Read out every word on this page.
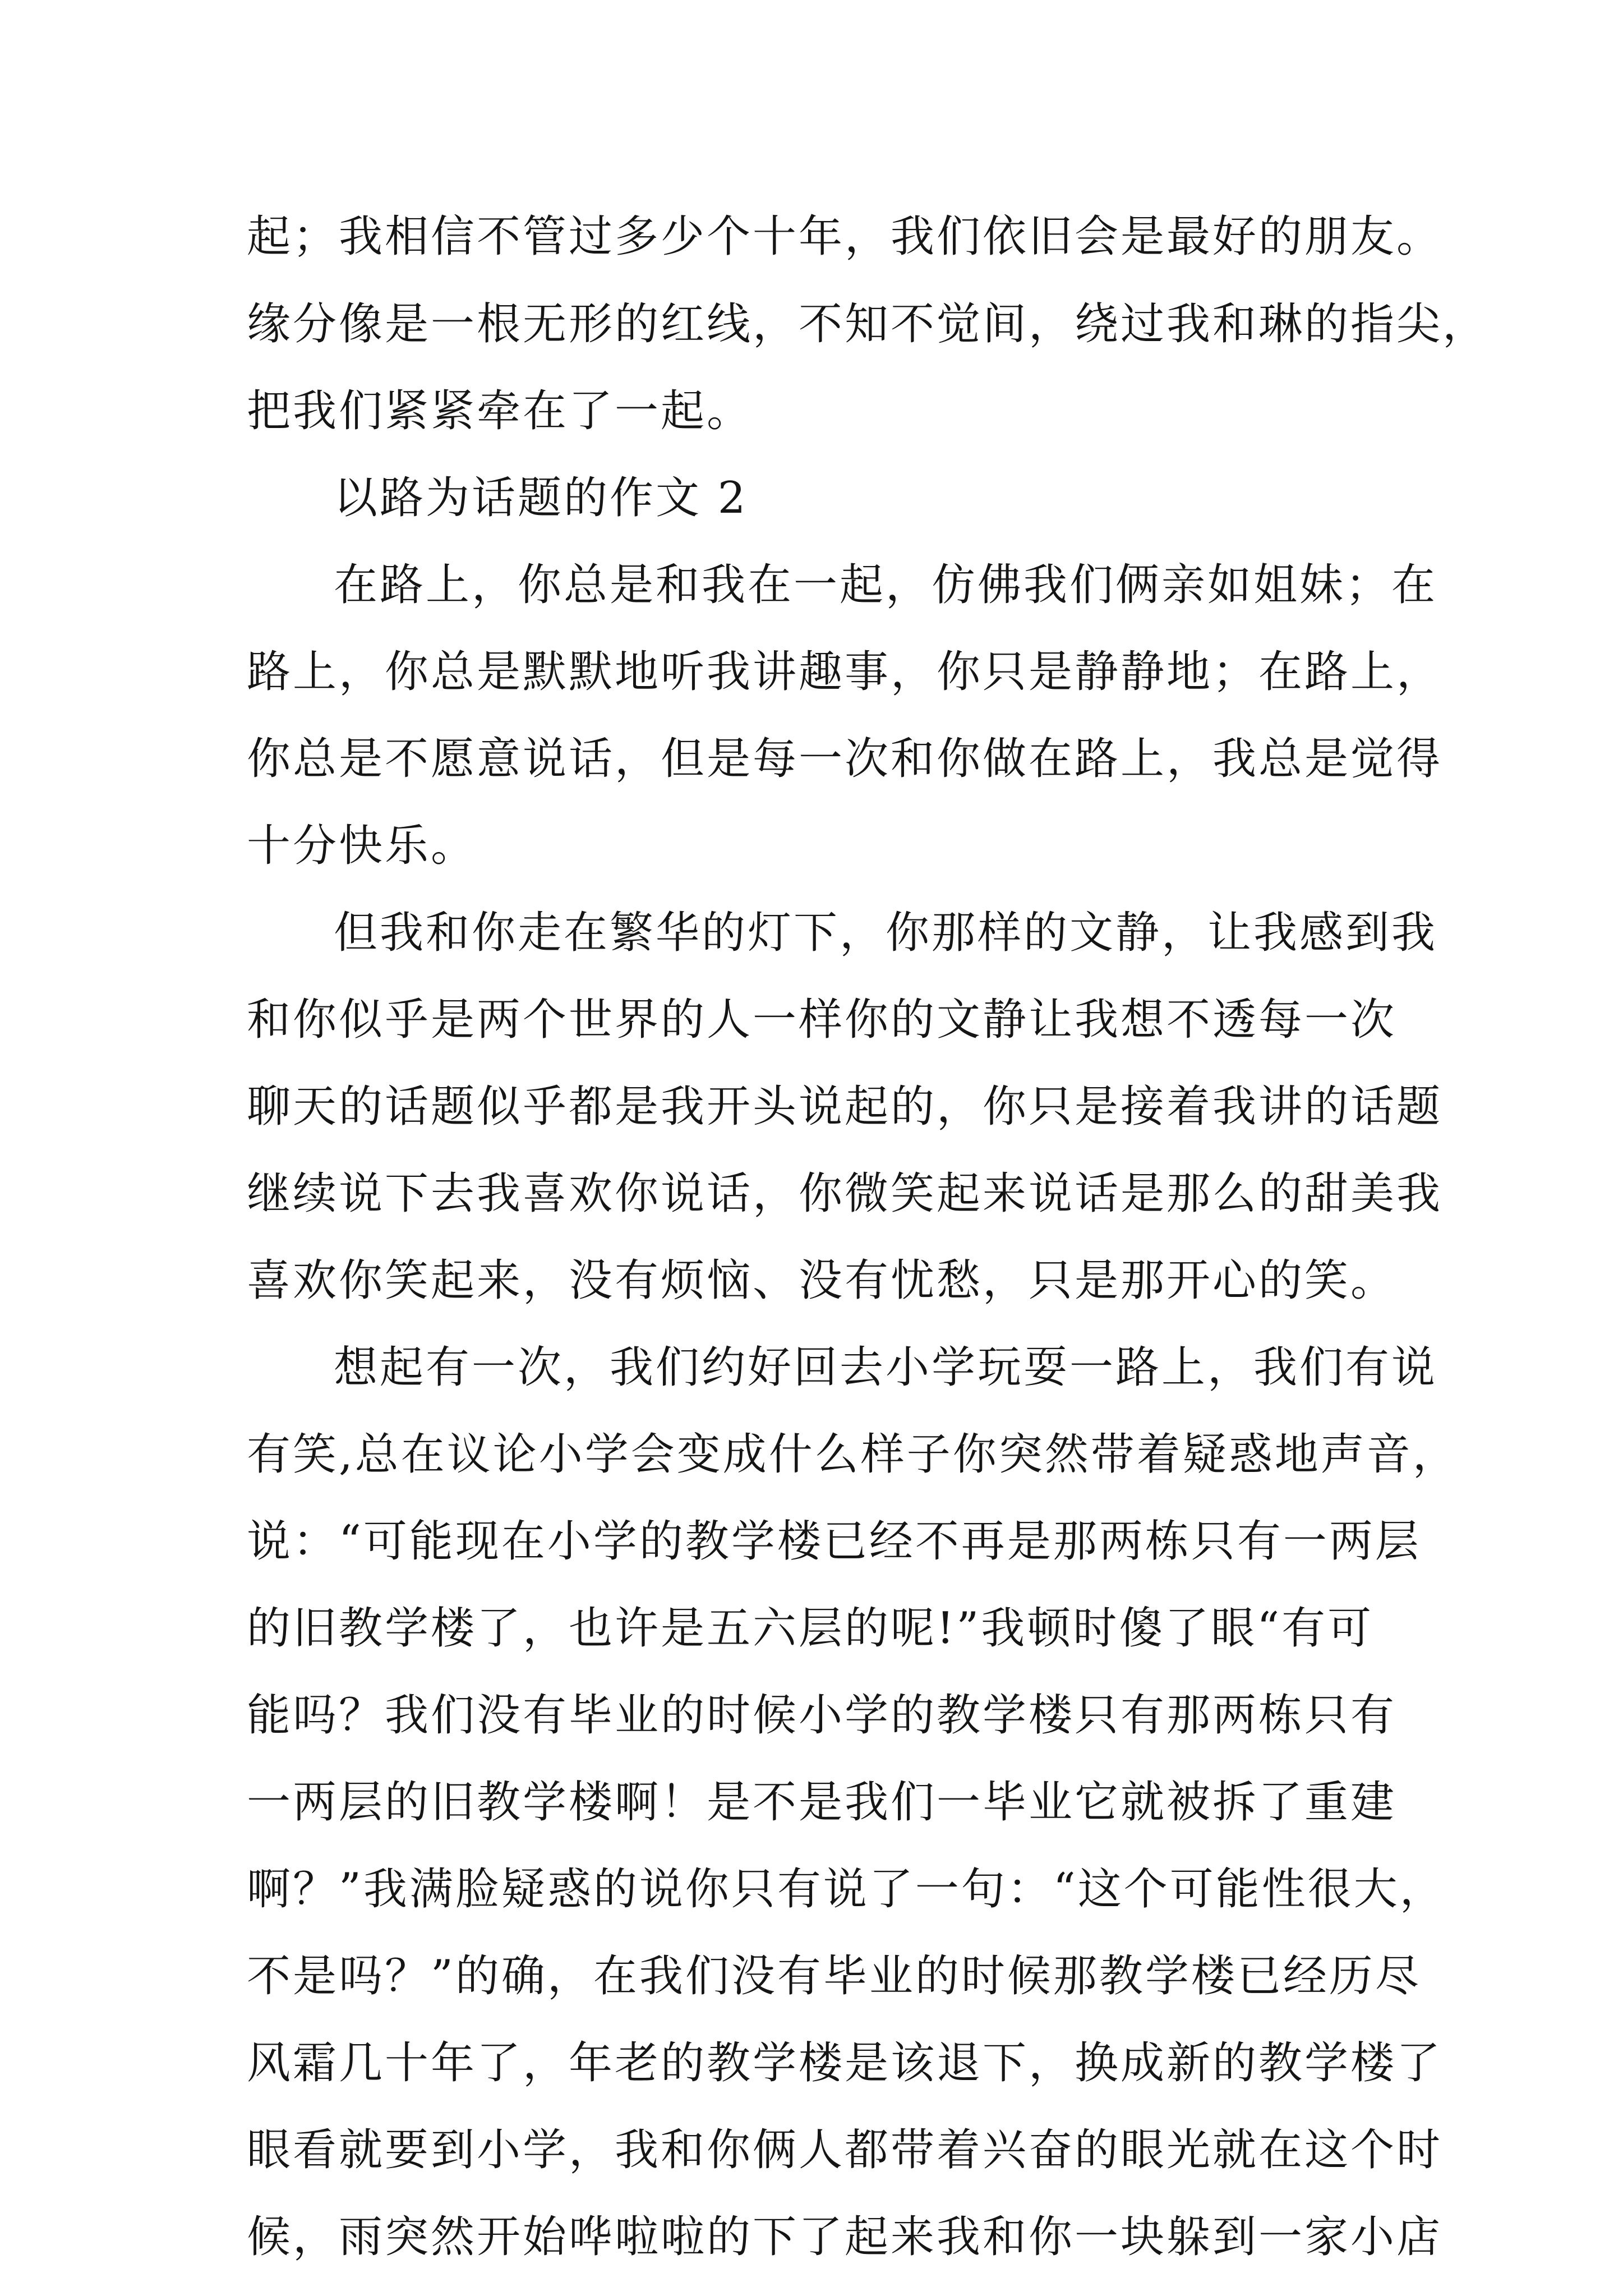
起；我相信不管过多少个十年，我们依旧会是最好的朋友。
缘分像是一根无形的红线，不知不觉间，绕过我和琳的指尖，
把我们紧紧牵在了一起。
以路为话题的作文 2
在路上，你总是和我在一起，仿佛我们俩亲如姐妹；在
路上，你总是默默地听我讲趣事，你只是静静地；在路上，
你总是不愿意说话，但是每一次和你做在路上，我总是觉得
十分快乐。
但我和你走在繁华的灯下，你那样的文静，让我感到我
和你似乎是两个世界的人一样你的文静让我想不透每一次
聊天的话题似乎都是我开头说起的，你只是接着我讲的话题
继续说下去我喜欢你说话，你微笑起来说话是那么的甜美我
喜欢你笑起来，没有烦恼、没有忧愁，只是那开心的笑。
想起有一次，我们约好回去小学玩耍一路上，我们有说
有笑,总在议论小学会变成什么样子你突然带着疑惑地声音，
说：“可能现在小学的教学楼已经不再是那两栋只有一两层
的旧教学楼了，也许是五六层的呢!”我顿时傻了眼“有可
能吗？我们没有毕业的时候小学的教学楼只有那两栋只有
一两层的旧教学楼啊！是不是我们一毕业它就被拆了重建
啊？”我满脸疑惑的说你只有说了一句：“这个可能性很大，
不是吗？”的确，在我们没有毕业的时候那教学楼已经历尽
风霜几十年了，年老的教学楼是该退下，换成新的教学楼了
眼看就要到小学，我和你俩人都带着兴奋的眼光就在这个时
候，雨突然开始哗啦啦的下了起来我和你一块躲到一家小店
